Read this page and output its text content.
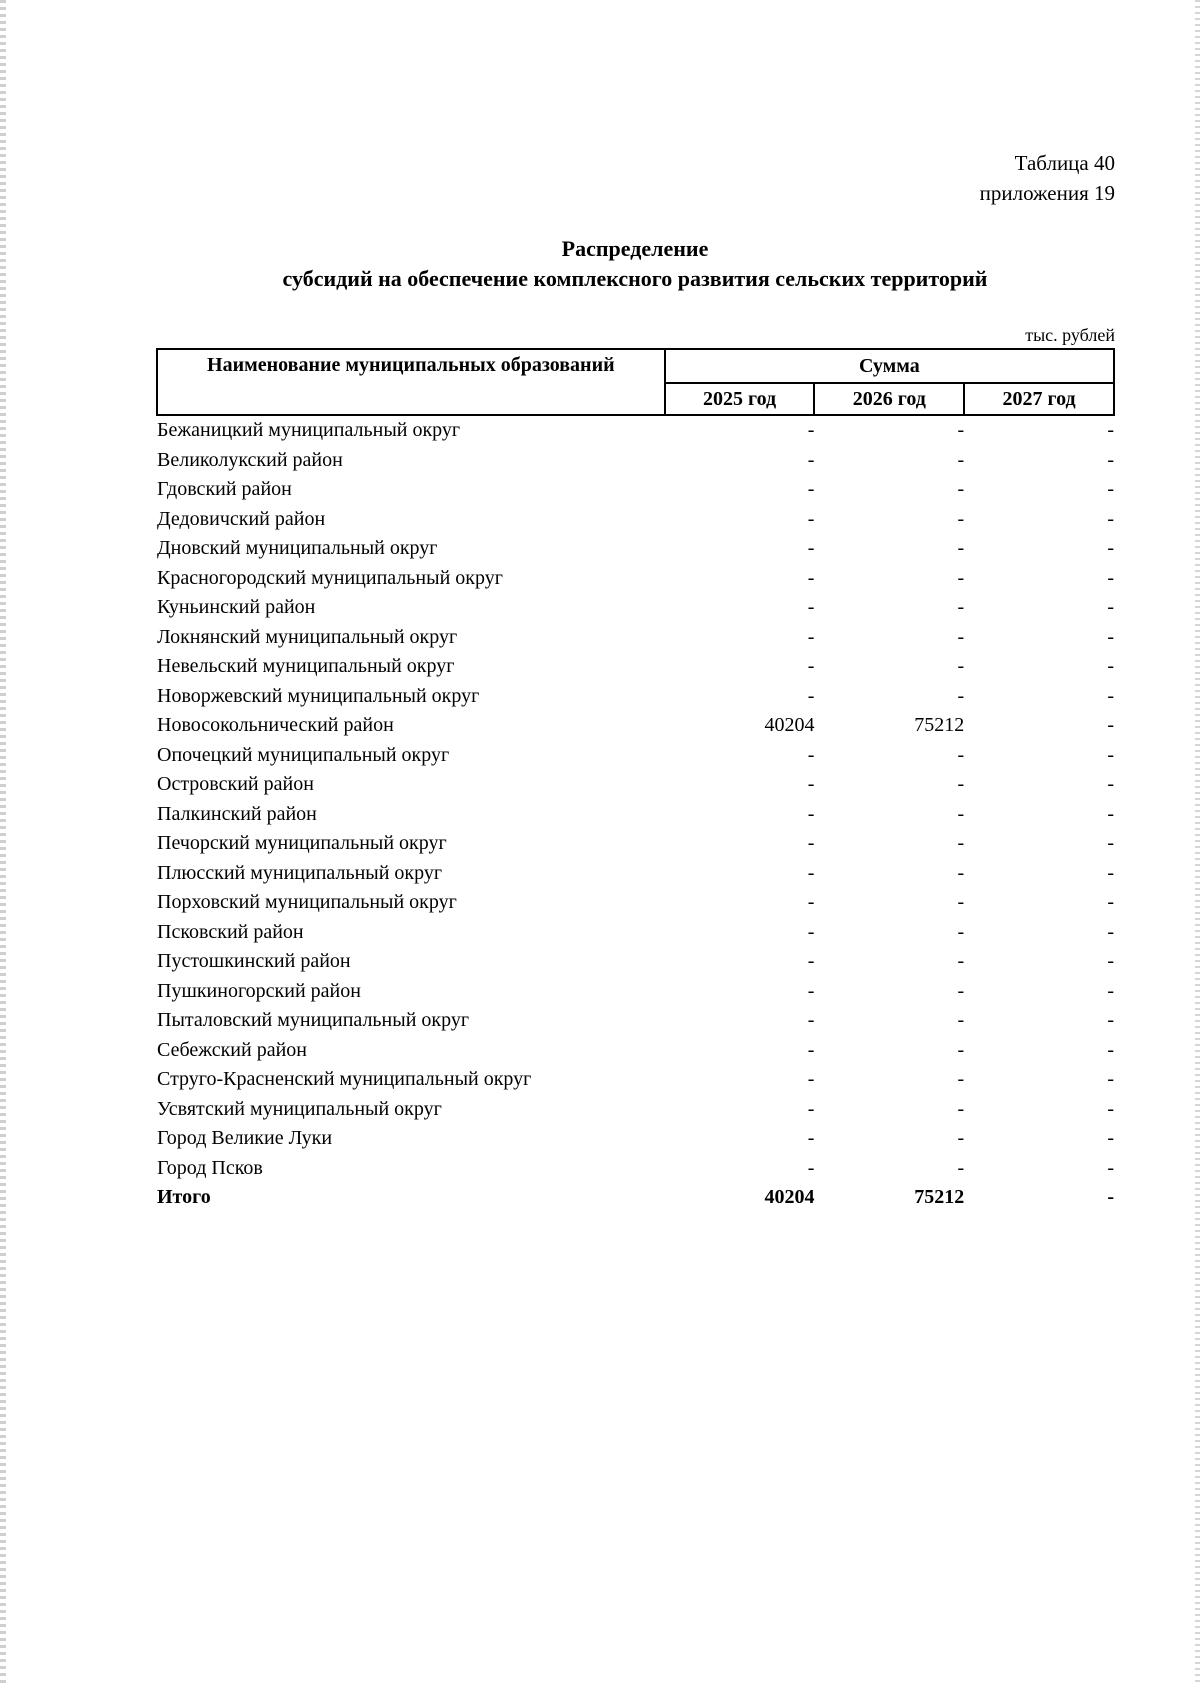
Таблица 40
приложения 19
Распределение
субсидий на обеспечение комплексного развития сельских территорий
тыс. рублей
Наименование муниципальных образований	Сумма		
	2025 год	2026 год	2027 год
Бежаницкий муниципальный округ	-	-	-
Великолукский район	-	-	-
Гдовский район	-	-	-
Дедовичский район	-	-	-
Дновский муниципальный округ	-	-	-
Красногородский муниципальный округ	-	-	-
Куньинский район	-	-	-
Локнянский муниципальный округ	-	-	-
Невельский муниципальный округ	-	-	-
Новоржевский муниципальный округ	-	-	-
Новосокольнический район	40204	75212	-
Опочецкий муниципальный округ	-	-	-
Островский район	-	-	-
Палкинский район	-	-	-
Печорский муниципальный округ	-	-	-
Плюсский муниципальный округ	-	-	-
Порховский муниципальный округ	-	-	-
Псковский район	-	-	-
Пустошкинский район	-	-	-
Пушкиногорский район	-	-	-
Пыталовский муниципальный округ	-	-	-
Себежский район	-	-	-
Струго-Красненский муниципальный округ	-	-	-
Усвятский муниципальный округ	-	-	-
Город Великие Луки	-	-	-
Город Псков	-	-	-
Итого	40204	75212	-
